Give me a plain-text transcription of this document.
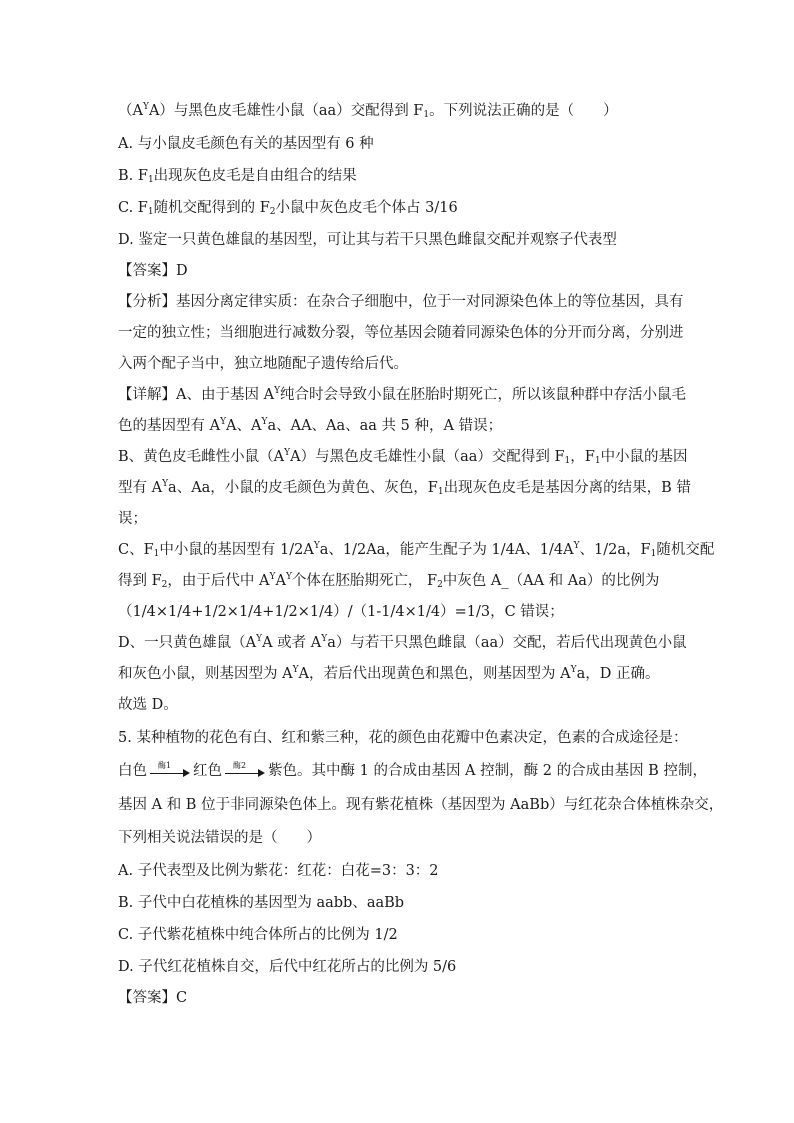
$(A^YA)$与黑色皮毛雄性小鼠（aa）交配得到 $F_1$。下列说法正确的是（　　）
A. 与小鼠皮毛颜色有关的基因型有 6 种
B. $F_1$出现灰色皮毛是自由组合的结果
C. $F_1$随机交配得到的 $F_2$小鼠中灰色皮毛个体占 3/16
D. 鉴定一只黄色雄鼠的基因型，可让其与若干只黑色雌鼠交配并观察子代表型
【答案】D
【分析】基因分离定律实质：在杂合子细胞中，位于一对同源染色体上的等位基因，具有
一定的独立性；当细胞进行减数分裂，等位基因会随着同源染色体的分开而分离，分别进
入两个配子当中，独立地随配子遗传给后代。
【详解】A、由于基因 $A^Y$纯合时会导致小鼠在胚胎时期死亡，所以该鼠种群中存活小鼠毛
色的基因型有 $A^YA$、$A^Ya$、AA、Aa、aa 共 5 种，A 错误；
B、黄色皮毛雌性小鼠$(A^YA)$与黑色皮毛雄性小鼠（aa）交配得到 $F_1$，$F_1$中小鼠的基因
型有 $A^Ya$、Aa，小鼠的皮毛颜色为黄色、灰色，$F_1$出现灰色皮毛是基因分离的结果，B 错
误；
C、$F_1$中小鼠的基因型有 $1/2A^Ya$、1/2Aa，能产生配子为 1/4A、$1/4A^Y$、1/2a，$F_1$随机交配
得到 $F_2$，由于后代中 $A^YA^Y$个体在胚胎期死亡， $F_2$中灰色 A_（AA 和 Aa）的比例为
（1/4×1/4+1/2×1/4+1/2×1/4）/（1-1/4×1/4）=1/3，C 错误；
D、一只黄色雄鼠（$A^YA$ 或者 $A^Ya$）与若干只黑色雌鼠（aa）交配，若后代出现黄色小鼠
和灰色小鼠，则基因型为 $A^YA$，若后代出现黄色和黑色，则基因型为 $A^Ya$，D 正确。
故选 D。
5. 某种植物的花色有白、红和紫三种，花的颜色由花瓣中色素决定，色素的合成途径是：
白色 酶1 红色 酶2 紫色。其中酶 1 的合成由基因 A 控制，酶 2 的合成由基因 B 控制，
基因 A 和 B 位于非同源染色体上。现有紫花植株（基因型为 AaBb）与红花杂合体植株杂交，
下列相关说法错误的是（　　）
A. 子代表型及比例为紫花：红花：白花=3：3：2
B. 子代中白花植株的基因型为 aabb、aaBb
C. 子代紫花植株中纯合体所占的比例为 1/2
D. 子代红花植株自交，后代中红花所占的比例为 5/6
【答案】C
